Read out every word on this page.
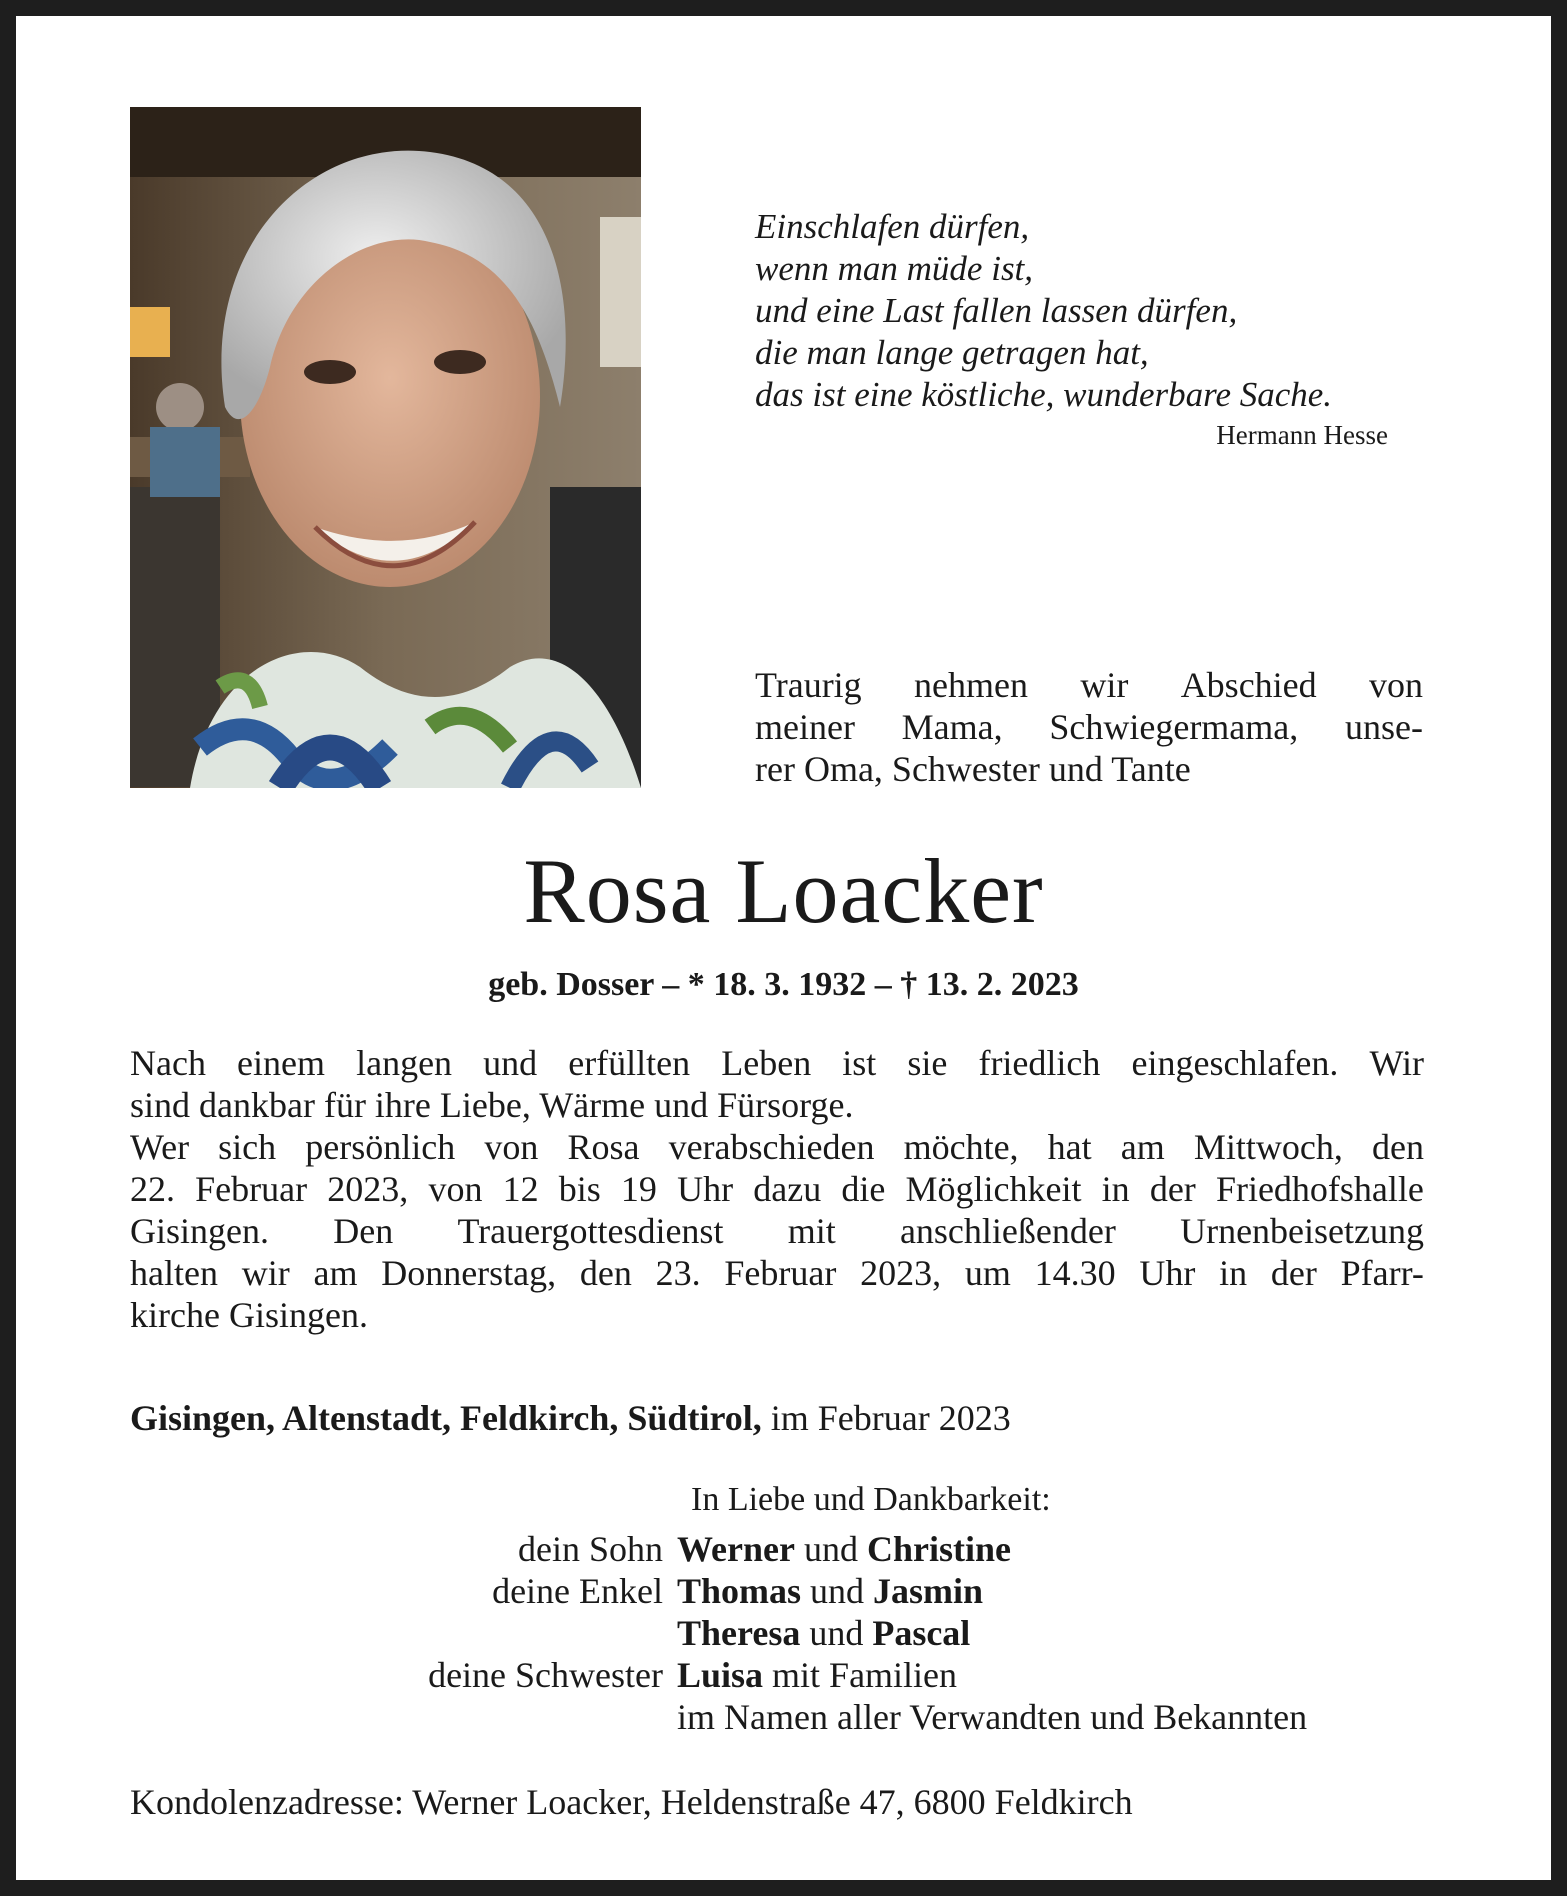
Einschlafen dürfen,
wenn man müde ist,
und eine Last fallen lassen dürfen,
die man lange getragen hat,
das ist eine köstliche, wunderbare Sache.
Hermann Hesse
Traurig nehmen wir Abschied von
meiner Mama, Schwiegermama, unse-
rer Oma, Schwester und Tante
Rosa Loacker
geb. Dosser – * 18. 3. 1932 – † 13. 2. 2023
Nach einem langen und erfüllten Leben ist sie friedlich eingeschlafen. Wir
sind dankbar für ihre Liebe, Wärme und Fürsorge.
Wer sich persönlich von Rosa verabschieden möchte, hat am Mittwoch, den
22. Februar 2023, von 12 bis 19 Uhr dazu die Möglichkeit in der Friedhofshalle
Gisingen. Den Trauergottesdienst mit anschließender Urnenbeisetzung
halten wir am Donnerstag, den 23. Februar 2023, um 14.30 Uhr in der Pfarr-
kirche Gisingen.
Gisingen, Altenstadt, Feldkirch, Südtirol, im Februar 2023
In Liebe und Dankbarkeit:
dein Sohn Werner und Christine
deine Enkel Thomas und Jasmin
Theresa und Pascal
deine Schwester Luisa mit Familien
im Namen aller Verwandten und Bekannten
Kondolenzadresse: Werner Loacker, Heldenstraße 47, 6800 Feldkirch
